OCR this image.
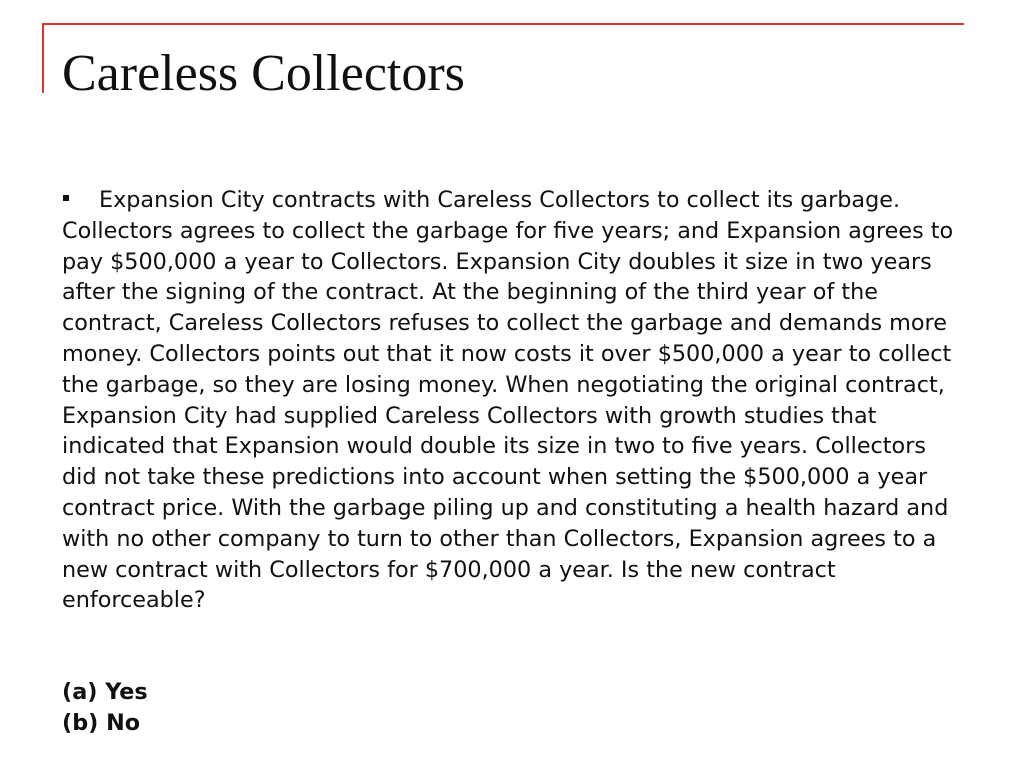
Careless Collectors

Expansion City contracts with Careless Collectors to collect its garbage. Collectors agrees to collect the garbage for five years; and Expansion agrees to pay $500,000 a year to Collectors. Expansion City doubles it size in two years after the signing of the contract. At the beginning of the third year of the contract, Careless Collectors refuses to collect the garbage and demands more money. Collectors points out that it now costs it over $500,000 a year to collect the garbage, so they are losing money. When negotiating the original contract, Expansion City had supplied Careless Collectors with growth studies that indicated that Expansion would double its size in two to five years. Collectors did not take these predictions into account when setting the $500,000 a year contract price. With the garbage piling up and constituting a health hazard and with no other company to turn to other than Collectors, Expansion agrees to a new contract with Collectors for $700,000 a year. Is the new contract enforceable?

(a) Yes
(b) No
